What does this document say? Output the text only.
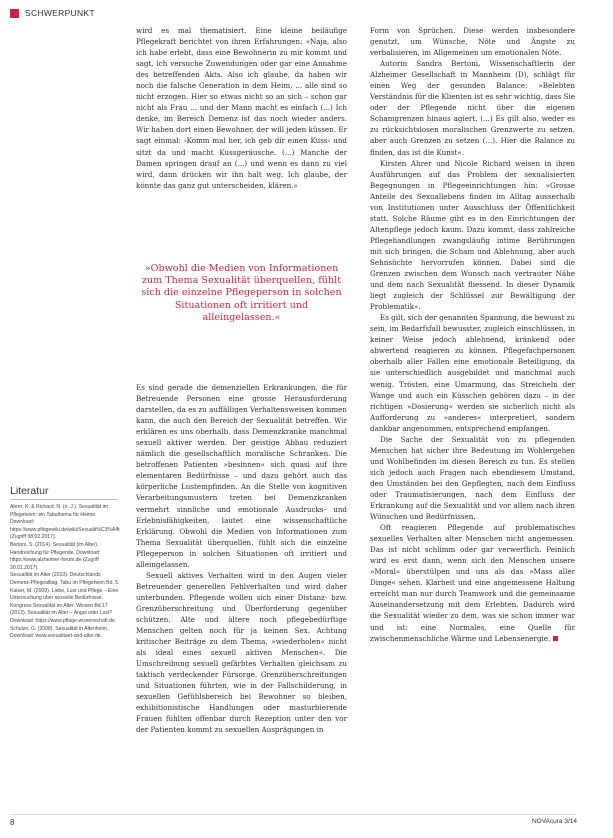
SCHWERPUNKT

wird es mal thematisiert. Eine kleine beiläufige Pflegekraft berichtet von ihren Erfahrungen: »Naja, also ich habe erlebt, dass eine Bewohnerin zu mir kommt und sagt, ich versuche Zuwendungen oder gar eine Annahme des betreffenden Akts. Also ich glaube, da haben wir noch die falsche Generation in dem Heim, ... alle sind so nicht erzogen. Hier so etwas nicht so an sich – schon gar nicht als Frau ... und der Mann macht es einfach (...) Ich denke, im Bereich Demenz ist das noch wieder anders. Wir haben dort einen Bewohner, der will jeden küssen. Er sagt einmal: ›Komm mal her, ich geb dir einen Kuss‹ und sitzt da und macht Kussgeräusche. (...) Manche der Damen springen drauf an (...) und wenn es dann zu viel wird, dann drücken wir ihn halt weg. Ich glaube, der könnte das ganz gut unterscheiden, klären.«

»Obwohl die Medien von Informationen zum Thema Sexualität überquellen, fühlt sich die einzelne Pflegeperson in solchen Situationen oft irritiert und alleingelassen.«

Es sind gerade die demenziellen Erkrankungen, die für Betreuende Personen eine grosse Herausforderung darstellen, da es zu auffälligen Verhaltensweisen kommen kann, die auch den Bereich der Sexualität betreffen. Wir erklären es uns oberhalb, dass Demenzkranke manchmal sexuell aktiver werden. Der geistige Abbau reduziert nämlich die gesellschaftlich moralische Schranken. Die betroffenen Patienten »besinnen« sich quasi auf ihre elementaren Bedürfnisse – und dazu gehört auch das körperliche Lustempfinden. An die Stelle von kognitiven Verarbeitungsmustern treten bei Demenzkranken vermehrt sinnliche und emotionale Ausdrucks- und Erlebnisfähigkeiten, lautet eine wissenschaftliche Erklärung. Obwohl die Medien von Informationen zum Thema Sexualität überquellen, fühlt sich die einzelne Pflegeperson in solchen Situationen oft irritiert und alleingelassen.

Sexuell aktives Verhalten wird in den Augen vieler Betreuender generellen Fehlverhalten und wird daher unterbunden. Pflegende wollen sich einer Distanz- bzw. Grenzüberschreitung und Überforderung gegenüber schützen. Alte und ältere noch pflegebedürftige Menschen gelten noch für ja keinen Sex. Achtung kritischer Beiträge zu dem Thema, »wiederholen« nicht als ideal eines sexuell aktiven Menschen«. Die Umschreibung sexuell gefärbtes Verhalten gleichsam zu taktisch verdeckender Fürsorge. Grenzüberschreitungen und Situationen führten, wie in der Fallschilderung, in sexuellen Gefühlsbereich bei Bewohner so bleiben, exhibitionistische Handlungen oder masturbierende Frauen fühlten offenbar durch Rezeption unter den vor der Patienten kommt zu sexuellen Ausprägungen in

Form von Sprüchen. Diese werden insbesondere genutzt, um Wünsche, Nöte und Ängste zu verbalisieren, im Allgemeinen um emotionalen Nöte.

Autorin Sandra Bertoni, Wissenschaftlerin der Alzheimer Gesellschaft in Mannheim (D), schlägt für einen Weg der gesunden Balance: »Belebten Verständnis für die Klienten ist es sehr wichtig, dass Sie oder der Pflegende nicht über die eigenen Schamgrenzen hinaus agiert. (...) Es gilt also, weder es zu rücksichtslosen moralischen Grenzwerte zu setzen, aber auch Grenzen zu setzen (...). Hier die Balance zu finden, das ist die Kunst«.

Kirsten Ahrer und Nicole Richard weisen in ihren Ausführungen auf das Problem der sexualisierten Begegnungen in Pflegeeinrichtungen hin: »Grosse Anteile des Sexuallebens finden im Alltag ausserhalb von Institutionen unter Ausschluss der Öffentlichkeit statt. Solche Räume gibt es in den Einrichtungen der Altenpflege jedoch kaum. Dazu kommt, dass zahlreiche Pflegehandlungen zwangsläufig intime Berührungen mit sich bringen, die Scham und Ablehnung, aber auch Sehnsüchte hervorrufen können. Dabei sind die Grenzen zwischen dem Wunsch nach vertrauter Nähe und dem nach Sexualität fliessend. In dieser Dynamik liegt zugleich der Schlüssel zur Bewältigung der Problematik«.

Es gilt, sich der genannten Spannung, die bewusst zu sein, im Bedarfsfall bewusster, zugleich einschlüssen, in keiner Weise jedoch ablehnend, kränkend oder abwertend reagieren zu können. Pflegefachpersonen oberhalb aller Fallen eine emotionale Beteiligung, da sie unterschiedlich ausgebildet und manchmal auch wenig. Trösten, eine Umarmung, das Streicheln der Wange und auch ein Küsschen gehören dazu – in der richtigen »Dosierung« werden sie sicherlich nicht als Aufforderung zu »anderes« interpretiert, sondern dankbar angenommen, entsprechend empfangen.

Die Sache der Sexualität von zu pflegenden Menschen hat sicher ihre Bedeutung im Wohlergehen und Wohlbefinden im diesen Bereich zu tun. Es stellen sich jedoch auch Fragen nach ebendiesem Umstand, den Umständen bei den Gepflegten, nach dem Einfluss oder Traumatisierungen, nach dem Einfluss der Erkrankung auf die Sexualität und vor allem nach ihren Wünschen und Bedürfnissen.

Oft reagieren Pflegende auf problematisches sexuelles Verhalten alter Menschen nicht angemessen. Das ist nicht schlimm oder gar verwerflich. Peinlich wird es erst dann, wenn sich den Menschen unsere »Moral« überstülpen und uns als das »Mass aller Dinge« sehen. Klarheit und eine angemessene Haltung erreicht man nur durch Teamwork und die gemeinsame Auseinandersetzung mit dem Erlebten. Dadurch wird die Sexualität wieder zu dem, was sie schon immer war und ist: eine Normales, eine Quelle für zwischenmenschliche Wärme und Lebensenergie.

Literatur

Ahrer, K. & Richard, N. (o. J.). Sexualität im Pflegeheim: ein Tabuthema für Heime.

Download: https://www.pflegewiki.de/wiki/Sexualit%C3%A4t (Zugriff 08.02.2017).

Bertoni, S. (2014). Sexualität (im Alter). Handreichung für Pflegende. Download: https://www.alzheimer-forum.de (Zugriff 30.01.2017).

Sexualität im Alter (2010). Deutschlands Demenz-Pflegealltag. Tabu im Pflegeheim Bd. 5.

Kaiser, M. (2009). Liebe, Lust und Pflege – Eine Untersuchung über sexuelle Bedürfnisse.

Kongress Sexualität im Alter. Wissen Bd.17 (2012). Sexualität im Alter – Angst oder Lust? Download: https://www.pflege-wissenschaft.de.

Schulze, G. (2008). Sexualität in Altenheim. Download: www.sexualitaet-und-alter.de.

8	NOVAcura 3/14
